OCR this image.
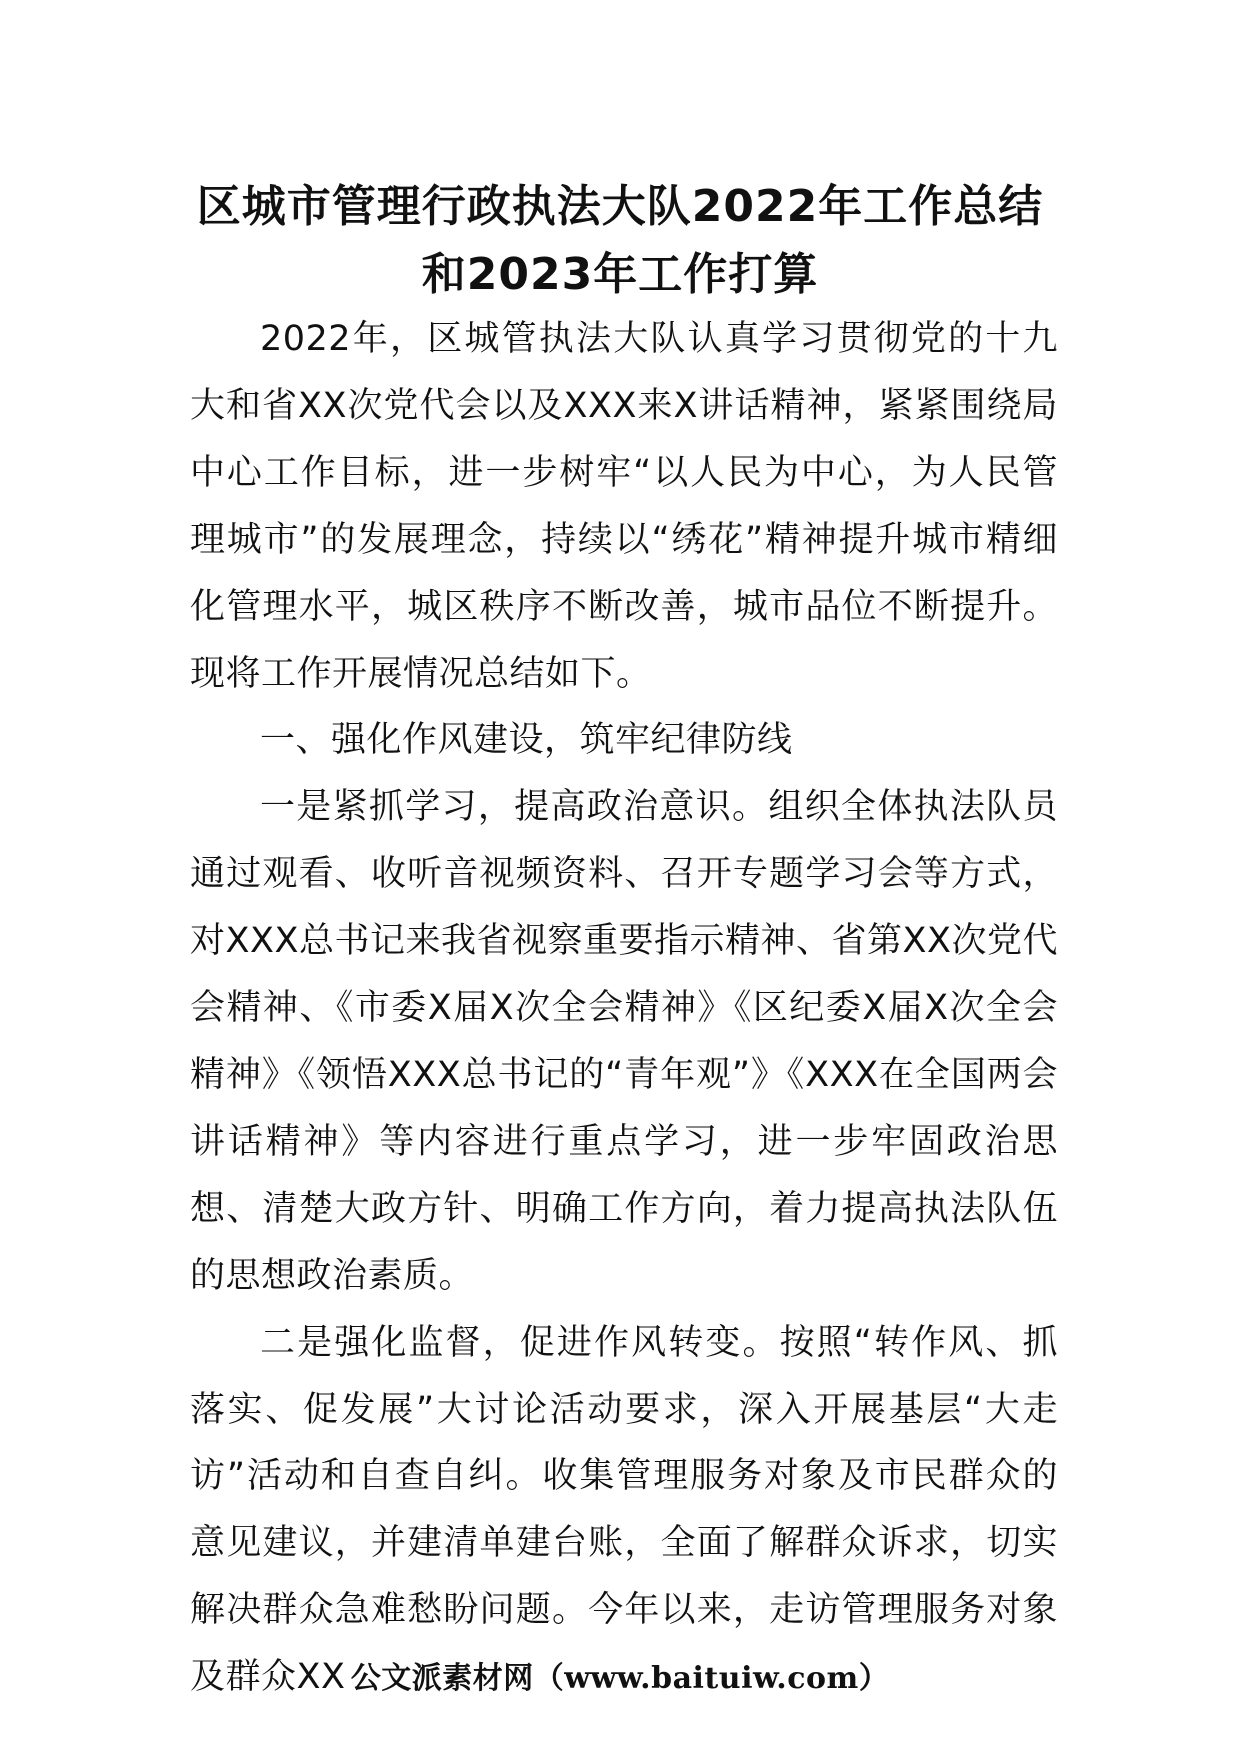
区城市管理行政执法大队2022年工作总结
和2023年工作打算

2022年，区城管执法大队认真学习贯彻党的十九大和省XX次党代会以及XXX来X讲话精神，紧紧围绕局中心工作目标，进一步树牢“以人民为中心，为人民管理城市”的发展理念，持续以“绣花”精神提升城市精细化管理水平，城区秩序不断改善，城市品位不断提升。现将工作开展情况总结如下。

一、强化作风建设，筑牢纪律防线

一是紧抓学习，提高政治意识。组织全体执法队员通过观看、收听音视频资料、召开专题学习会等方式，对XXX总书记来我省视察重要指示精神、省第XX次党代会精神、《市委X届X次全会精神》《区纪委X届X次全会精神》《领悟XXX总书记的“青年观”》《XXX在全国两会讲话精神》等内容进行重点学习，进一步牢固政治思想、清楚大政方针、明确工作方向，着力提高执法队伍的思想政治素质。

二是强化监督，促进作风转变。按照“转作风、抓落实、促发展”大讨论活动要求，深入开展基层“大走访”活动和自查自纠。收集管理服务对象及市民群众的意见建议，并建清单建台账，全面了解群众诉求，切实解决群众急难愁盼问题。今年以来，走访管理服务对象及群众XX 公文派素材网（www.baituiw.com）
